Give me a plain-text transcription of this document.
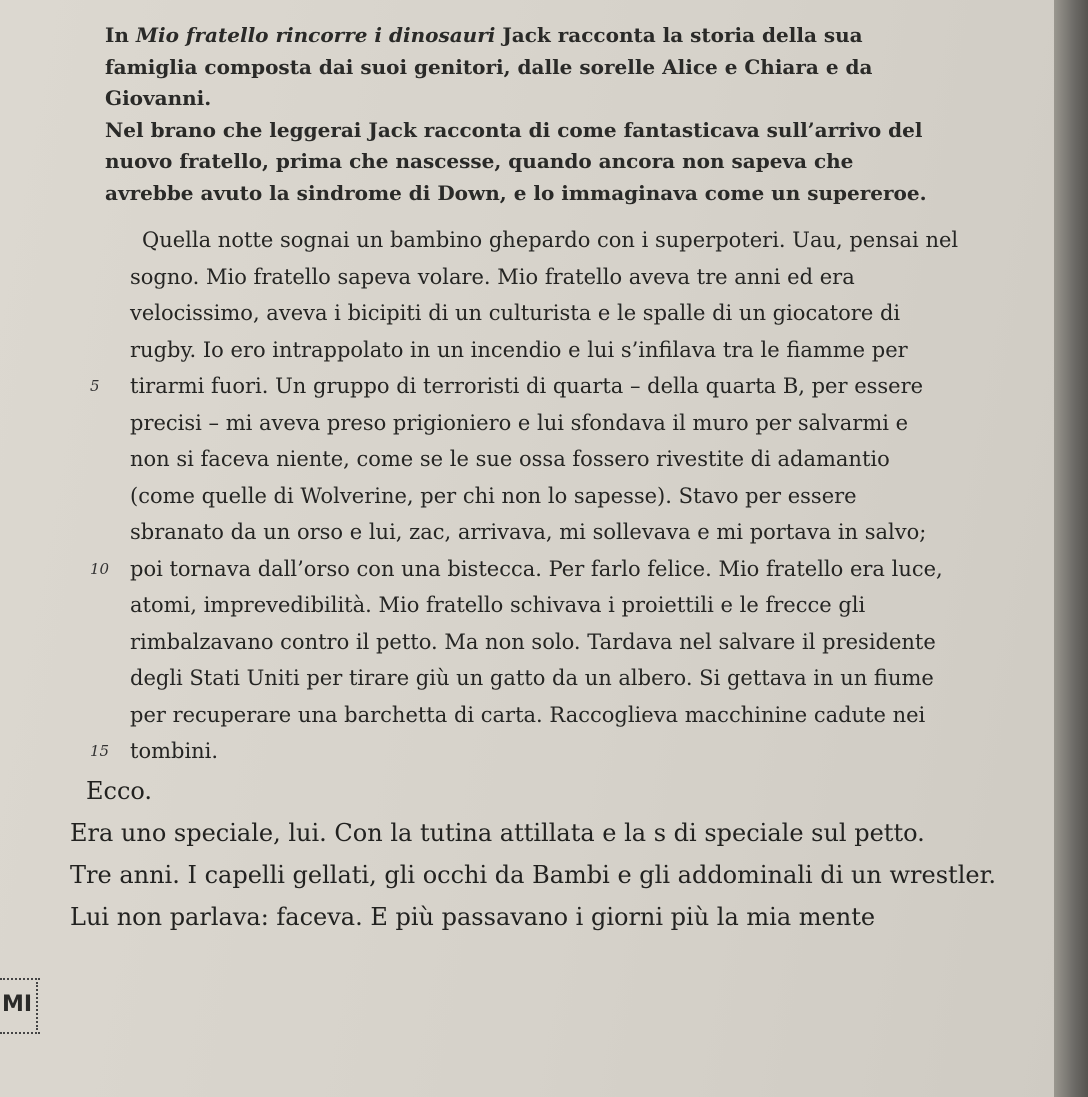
In Mio fratello rincorre i dinosauri Jack racconta la storia della sua
famiglia composta dai suoi genitori, dalle sorelle Alice e Chiara e da
Giovanni.

Nel brano che leggerai Jack racconta di come fantasticava sull’arrivo del
nuovo fratello, prima che nascesse, quando ancora non sapeva che
avrebbe avuto la sindrome di Down, e lo immaginava come un supereroe.

Quella notte sognai un bambino ghepardo con i superpoteri. Uau, pensai nel
sogno. Mio fratello sapeva volare. Mio fratello aveva tre anni ed era
velocissimo, aveva i bicipiti di un culturista e le spalle di un giocatore di
rugby. Io ero intrappolato in un incendio e lui s’infilava tra le fiamme per
5 tirarmi fuori. Un gruppo di terroristi di quarta – della quarta B, per essere
precisi – mi aveva preso prigioniero e lui sfondava il muro per salvarmi e
non si faceva niente, come se le sue ossa fossero rivestite di adamantio
(come quelle di Wolverine, per chi non lo sapesse). Stavo per essere
sbranato da un orso e lui, zac, arrivava, mi sollevava e mi portava in salvo;
10 poi tornava dall’orso con una bistecca. Per farlo felice. Mio fratello era luce,
atomi, imprevedibilità. Mio fratello schivava i proiettili e le frecce gli
rimbalzavano contro il petto. Ma non solo. Tardava nel salvare il presidente
degli Stati Uniti per tirare giù un gatto da un albero. Si gettava in un fiume
per recuperare una barchetta di carta. Raccoglieva macchinine cadute nei
15 tombini.
Ecco.
Era uno speciale, lui. Con la tutina attillata e la s di speciale sul petto.
Tre anni. I capelli gellati, gli occhi da Bambi e gli addominali di un wrestler.
Lui non parlava: faceva. E più passavano i giorni più la mia mente
MI
